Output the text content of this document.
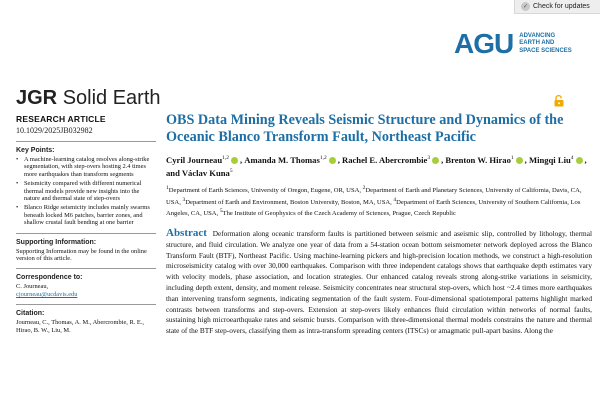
✓ Check for updates
AGU ADVANCING
EARTH AND
SPACE SCIENCES
JGR Solid Earth
RESEARCH ARTICLE
10.1029/2025JB032982
Key Points:
• A machine-learning catalog resolves along-strike segmentation, with step-overs hosting 2.4 times more earthquakes than transform segments
• Seismicity compared with different numerical thermal models provide new insights into the nature and thermal state of step-overs
• Blanco Ridge seismicity includes mainly swarms beneath locked M6 patches, barrier zones, and shallow crustal fault bending at one barrier
Supporting Information:
Supporting Information may be found in the online version of this article.
Correspondence to:
C. Journeau,
cjourneau@ucdavis.edu
Citation:
Journeau, C., Thomas, A. M., Abercrombie, R. E., Hirao, B. W., Liu, M.
OBS Data Mining Reveals Seismic Structure and Dynamics of the Oceanic Blanco Transform Fault, Northeast Pacific
Cyril Journeau$^{1,2}$ , Amanda M. Thomas$^{1,2}$ , Rachel E. Abercrombie$^3$ , Brenton W. Hirao$^1$ , Mingqi Liu$^4$ , and Václav Kuna$^5$
$^1$Department of Earth Sciences, University of Oregon, Eugene, OR, USA, $^2$Department of Earth and Planetary Sciences, University of California, Davis, CA, USA, $^3$Department of Earth and Environment, Boston University, Boston, MA, USA, $^4$Department of Earth Sciences, University of Southern California, Los Angeles, CA, USA, $^5$The Institute of Geophysics of the Czech Academy of Sciences, Prague, Czech Republic
Abstract Deformation along oceanic transform faults is partitioned between seismic and aseismic slip, controlled by lithology, thermal structure, and fluid circulation. We analyze one year of data from a 54-station ocean bottom seismometer network deployed across the Blanco Transform Fault (BTF), Northeast Pacific. Using machine-learning pickers and high-precision location methods, we construct a high-resolution microseismicity catalog with over 30,000 earthquakes. Comparison with three independent catalogs shows that earthquake depth estimates vary with velocity models, phase association, and location strategies. Our enhanced catalog reveals strong along-strike variations in seismicity, including depth extent, density, and moment release. Seismicity concentrates near structural step-overs, which host ~2.4 times more earthquakes than intervening transform segments, indicating segmentation of the fault system. Four-dimensional spatiotemporal patterns highlight marked contrasts between transforms and step-overs. Extension at step-overs likely enhances fluid circulation within networks of normal faults, sustaining high microearthquake rates and seismic bursts. Comparison with three-dimensional thermal models constrains the nature and thermal state of the BTF step-overs, classifying them as intra-transform spreading centers (ITSCs) or amagmatic pull-apart basins. Along the
